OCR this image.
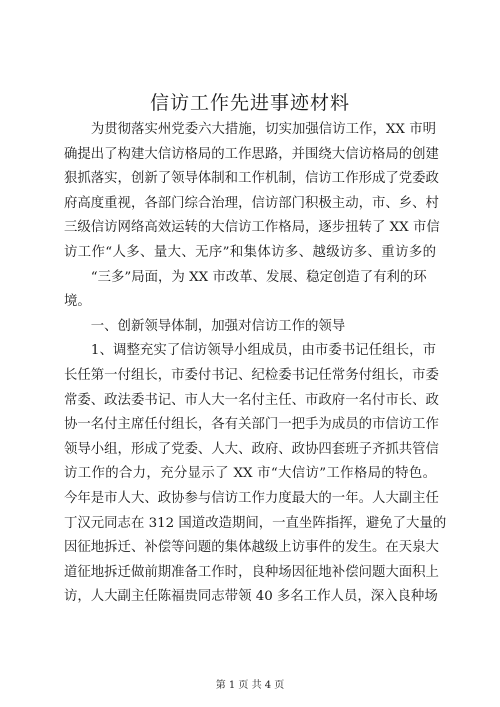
信访工作先进事迹材料
　　为贯彻落实州党委六大措施，切实加强信访工作，XX 市明
确提出了构建大信访格局的工作思路，并围绕大信访格局的创建
狠抓落实，创新了领导体制和工作机制，信访工作形成了党委政
府高度重视，各部门综合治理，信访部门积极主动，市、乡、村
三级信访网络高效运转的大信访工作格局，逐步扭转了 XX 市信
访工作“人多、量大、无序”和集体访多、越级访多、重访多的
　　“三多”局面，为 XX 市改革、发展、稳定创造了有利的环
境。
　　一、创新领导体制，加强对信访工作的领导
　　1、调整充实了信访领导小组成员，由市委书记任组长，市
长任第一付组长，市委付书记、纪检委书记任常务付组长，市委
常委、政法委书记、市人大一名付主任、市政府一名付市长、政
协一名付主席任付组长，各有关部门一把手为成员的市信访工作
领导小组，形成了党委、人大、政府、政协四套班子齐抓共管信
访工作的合力，充分显示了 XX 市“大信访”工作格局的特色。
今年是市人大、政协参与信访工作力度最大的一年。人大副主任
丁汉元同志在 312 国道改造期间，一直坐阵指挥，避免了大量的
因征地拆迁、补偿等问题的集体越级上访事件的发生。在天泉大
道征地拆迁做前期准备工作时，良种场因征地补偿问题大面积上
访，人大副主任陈福贵同志带领 40 多名工作人员，深入良种场
第 1 页 共 4 页
